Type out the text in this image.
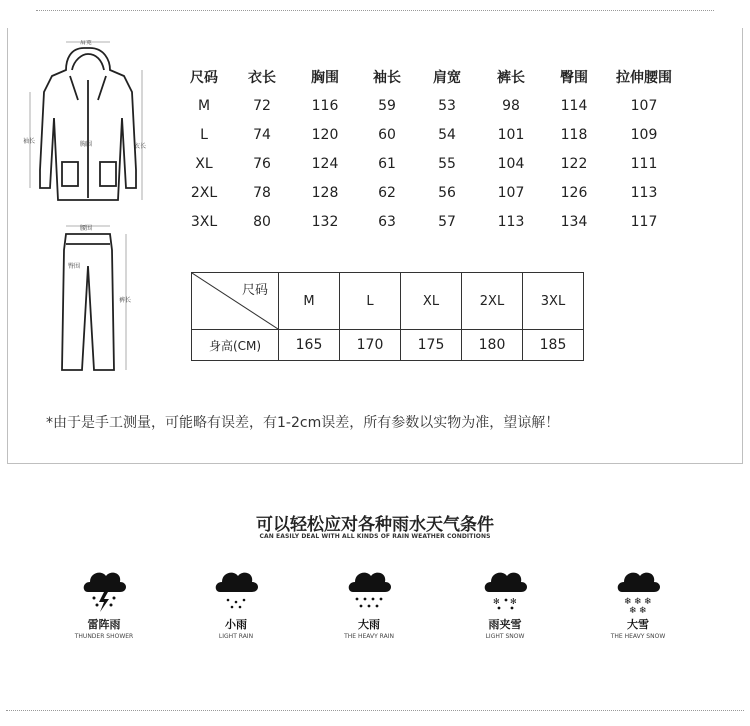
肩宽
袖长	胸围	衣长
腰围
臀围
裤长
尺码	衣长	胸围	袖长	肩宽	裤长	臀围	拉伸腰围
M	72	116	59	53	98	114	107
L	74	120	60	54	101	118	109
XL	76	124	61	55	104	122	111
2XL	78	128	62	56	107	126	113
3XL	80	132	63	57	113	134	117
尺码	M	L	XL	2XL	3XL
身高(CM)	165	170	175	180	185
*由于是手工测量，可能略有误差，有1-2cm误差，所有参数以实物为准，望谅解！
可以轻松应对各种雨水天气条件
CAN EASILY DEAL WITH ALL KINDS OF RAIN WEATHER CONDITIONS
雷阵雨
THUNDER SHOWER
小雨
LIGHT RAIN
大雨
THE HEAVY RAIN
✻ ✻
雨夹雪
LIGHT SNOW
❄ ❄ ❄
❄ ❄
大雪
THE HEAVY SNOW
